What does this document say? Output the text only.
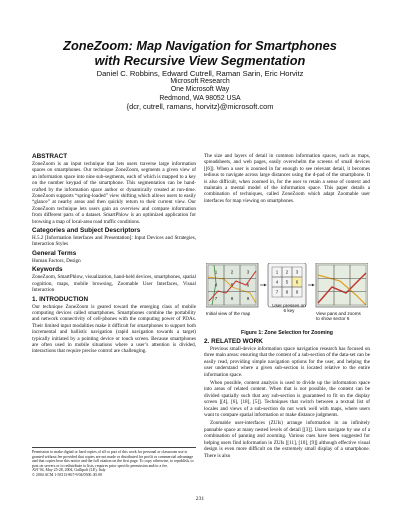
ZoneZoom: Map Navigation for Smartphones
with Recursive View Segmentation
Daniel C. Robbins, Edward Cutrell, Raman Sarin, Eric Horvitz
Microsoft Research
One Microsoft Way
Redmond, WA 98052 USA
{dcr, cutrell, ramans, horvitz}@microsoft.com
ABSTRACT

ZoneZoom is an input technique that lets users traverse large information spaces on smartphones. Our technique ZoneZoom, segments a given view of an information space into nine sub-segments, each of which is mapped to a key on the number keypad of the smartphone. This segmentation can be hand-crafted by the information space author or dynamically created at run-time. ZoneZoom supports “spring-loaded” view shifting which allows users to easily “glance” at nearby areas and then quickly return to their current view. Our ZoneZoom technique lets users gain an overview and compare information from different parts of a dataset. SmartPhlow is an optimized application for browsing a map of local-area road traffic conditions.

Categories and Subject Descriptors

H.5.2 [Information Interfaces and Presentation]: Input Devices and Strategies, Interaction Styles

General Terms

Human Factors, Design

Keywords

ZoneZoom, SmartPhlow, visualization, hand-held devices, smartphones, spatial cognition, maps, mobile browsing, Zoomable User Interfaces, Visual Interaction

1. INTRODUCTION

Our technique ZoneZoom is geared toward the emerging class of mobile computing devices called smartphones. Smartphones combine the portability and network connectivity of cell-phones with the computing power of PDAs. Their limited input modalities make it difficult for smartphones to support both incremental and ballistic navigation (rapid navigation towards a target) typically initiated by a pointing device or touch screen. Because smartphones are often used in mobile situations where a user’s attention is divided, interactions that require precise control are challenging.

Permission to make digital or hard copies of all or part of this work for personal or classroom use is granted without fee provided that copies are not made or distributed for profit or commercial advantage and that copies bear this notice and the full citation on the first page. To copy otherwise, to republish, to post on servers or to redistribute to lists, requires prior specific permission and/or a fee.
AVI’04, May 25-28, 2004, Gallipoli (LE), Italy
© 2004 ACM 1-58113-867-9/04/0500..$5.00

The size and layers of detail in common information spaces, such as maps, spreadsheets, and web pages, easily overwhelm the screens of small devices [[6]]. When a user is zoomed in far enough to see relevant detail, it becomes tedious to navigate across large distances using the d-pad of the smartphone. It is also difficult, when zoomed in, for the user to retain a sense of context and maintain a mental model of the information space. This paper details a combination of techniques, called ZoneZoom which adapt Zoomable user interfaces for map viewing on smartphones.

1	2	3
4	5	6
7	8	9
1 2 3
4 5 6
7 8 9
Initial view of the map
User presses on
6 key
View pans and zooms
to show sector 6
Figure 1: Zone Selection for Zooming
2. RELATED WORK

Previous small-device information space navigation research has focused on three main areas: ensuring that the content of a sub-section of the data-set can be easily read, providing simple navigation options for the user, and helping the user understand where a given sub-section is located relative to the entire information space.

When possible, content analysis is used to divide up the information space into areas of related content. When that is not possible, the content can be divided spatially such that any sub-section is guaranteed to fit on the display screen [[4], [6], [18], [5]]. Techniques that switch between a textual list of locales and views of a sub-section do not work well with maps, where users want to compare spatial information or make distance judgments.

Zoomable user-interfaces (ZUIs) arrange information in an infinitely pannable space at many nested levels of detail [[3]]. Users navigate by use of a combination of panning and zooming. Various cues have been suggested for helping users find information in ZUIs [[11], [10], [9]] although effective visual design is even more difficult on the extremely small display of a smartphone. There is also

231
